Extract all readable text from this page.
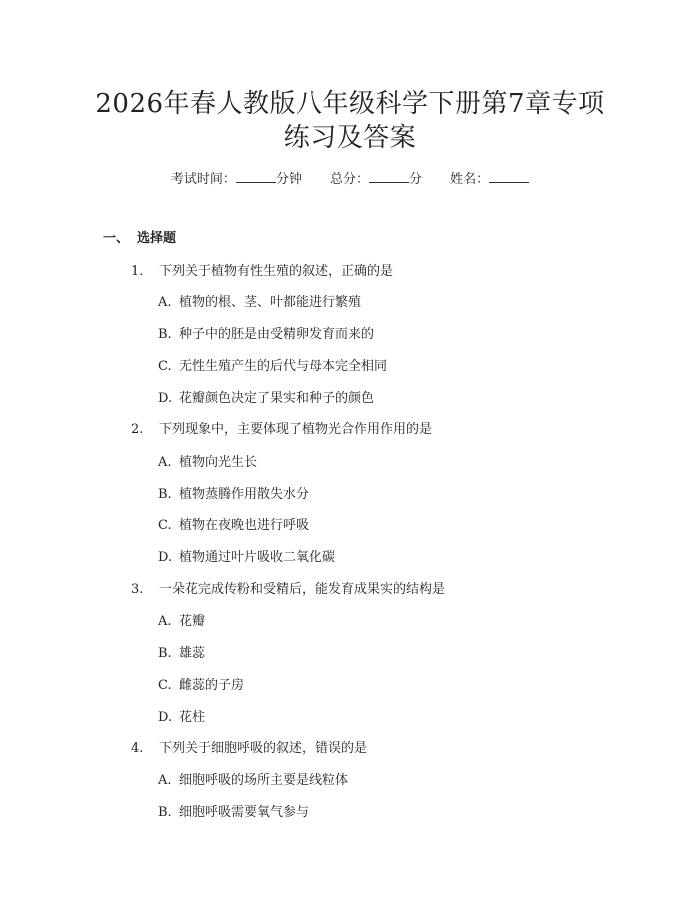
2026年春人教版八年级科学下册第7章专项
练习及答案
考试时间：	分钟 总分：	分 姓名：
一、 选择题
1. 下列关于植物有性生殖的叙述，正确的是
A. 植物的根、茎、叶都能进行繁殖
B. 种子中的胚是由受精卵发育而来的
C. 无性生殖产生的后代与母本完全相同
D. 花瓣颜色决定了果实和种子的颜色
2. 下列现象中，主要体现了植物光合作用作用的是
A. 植物向光生长
B. 植物蒸腾作用散失水分
C. 植物在夜晚也进行呼吸
D. 植物通过叶片吸收二氧化碳
3. 一朵花完成传粉和受精后，能发育成果实的结构是
A. 花瓣
B. 雄蕊
C. 雌蕊的子房
D. 花柱
4. 下列关于细胞呼吸的叙述，错误的是
A. 细胞呼吸的场所主要是线粒体
B. 细胞呼吸需要氧气参与
